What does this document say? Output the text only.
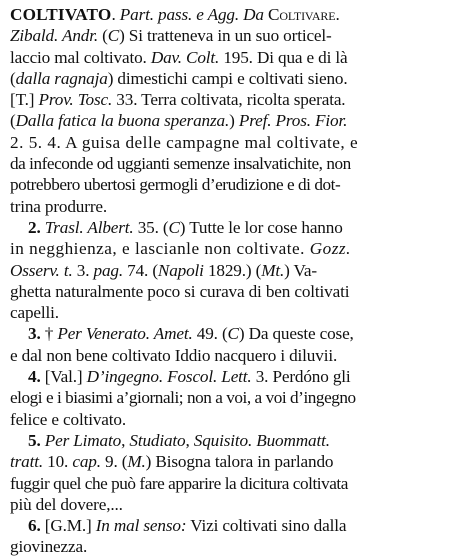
COLTIVATO. Part. pass. e Agg. Da Coltivare.
Zibald. Andr. (C) Si tratteneva in un suo orticel-
laccio mal coltivato. Dav. Colt. 195. Di qua e di là
(dalla ragnaja) dimestichi campi e coltivati sieno.
[T.] Prov. Tosc. 33. Terra coltivata, ricolta sperata.
(Dalla fatica la buona speranza.) Pref. Pros. Fior.
2. 5. 4. A guisa delle campagne mal coltivate, e
da infeconde od uggianti semenze insalvatichite, non
potrebbero ubertosi germogli d’erudizione e di dot-
trina produrre.
2. Trasl. Albert. 35. (C) Tutte le lor cose hanno
in negghienza, e lascianle non coltivate. Gozz.
Osserv. t. 3. pag. 74. (Napoli 1829.) (Mt.) Va-
ghetta naturalmente poco si curava di ben coltivati
capelli.
3. † Per Venerato. Amet. 49. (C) Da queste cose,
e dal non bene coltivato Iddio nacquero i diluvii.
4. [Val.] D’ingegno. Foscol. Lett. 3. Perdóno gli
elogi e i biasimi a’giornali; non a voi, a voi d’ingegno
felice e coltivato.
5. Per Limato, Studiato, Squisito. Buommatt.
tratt. 10. cap. 9. (M.) Bisogna talora in parlando
fuggir quel che può fare apparire la dicitura coltivata
più del dovere,...
6. [G.M.] In mal senso: Vizi coltivati sino dalla
giovinezza.
